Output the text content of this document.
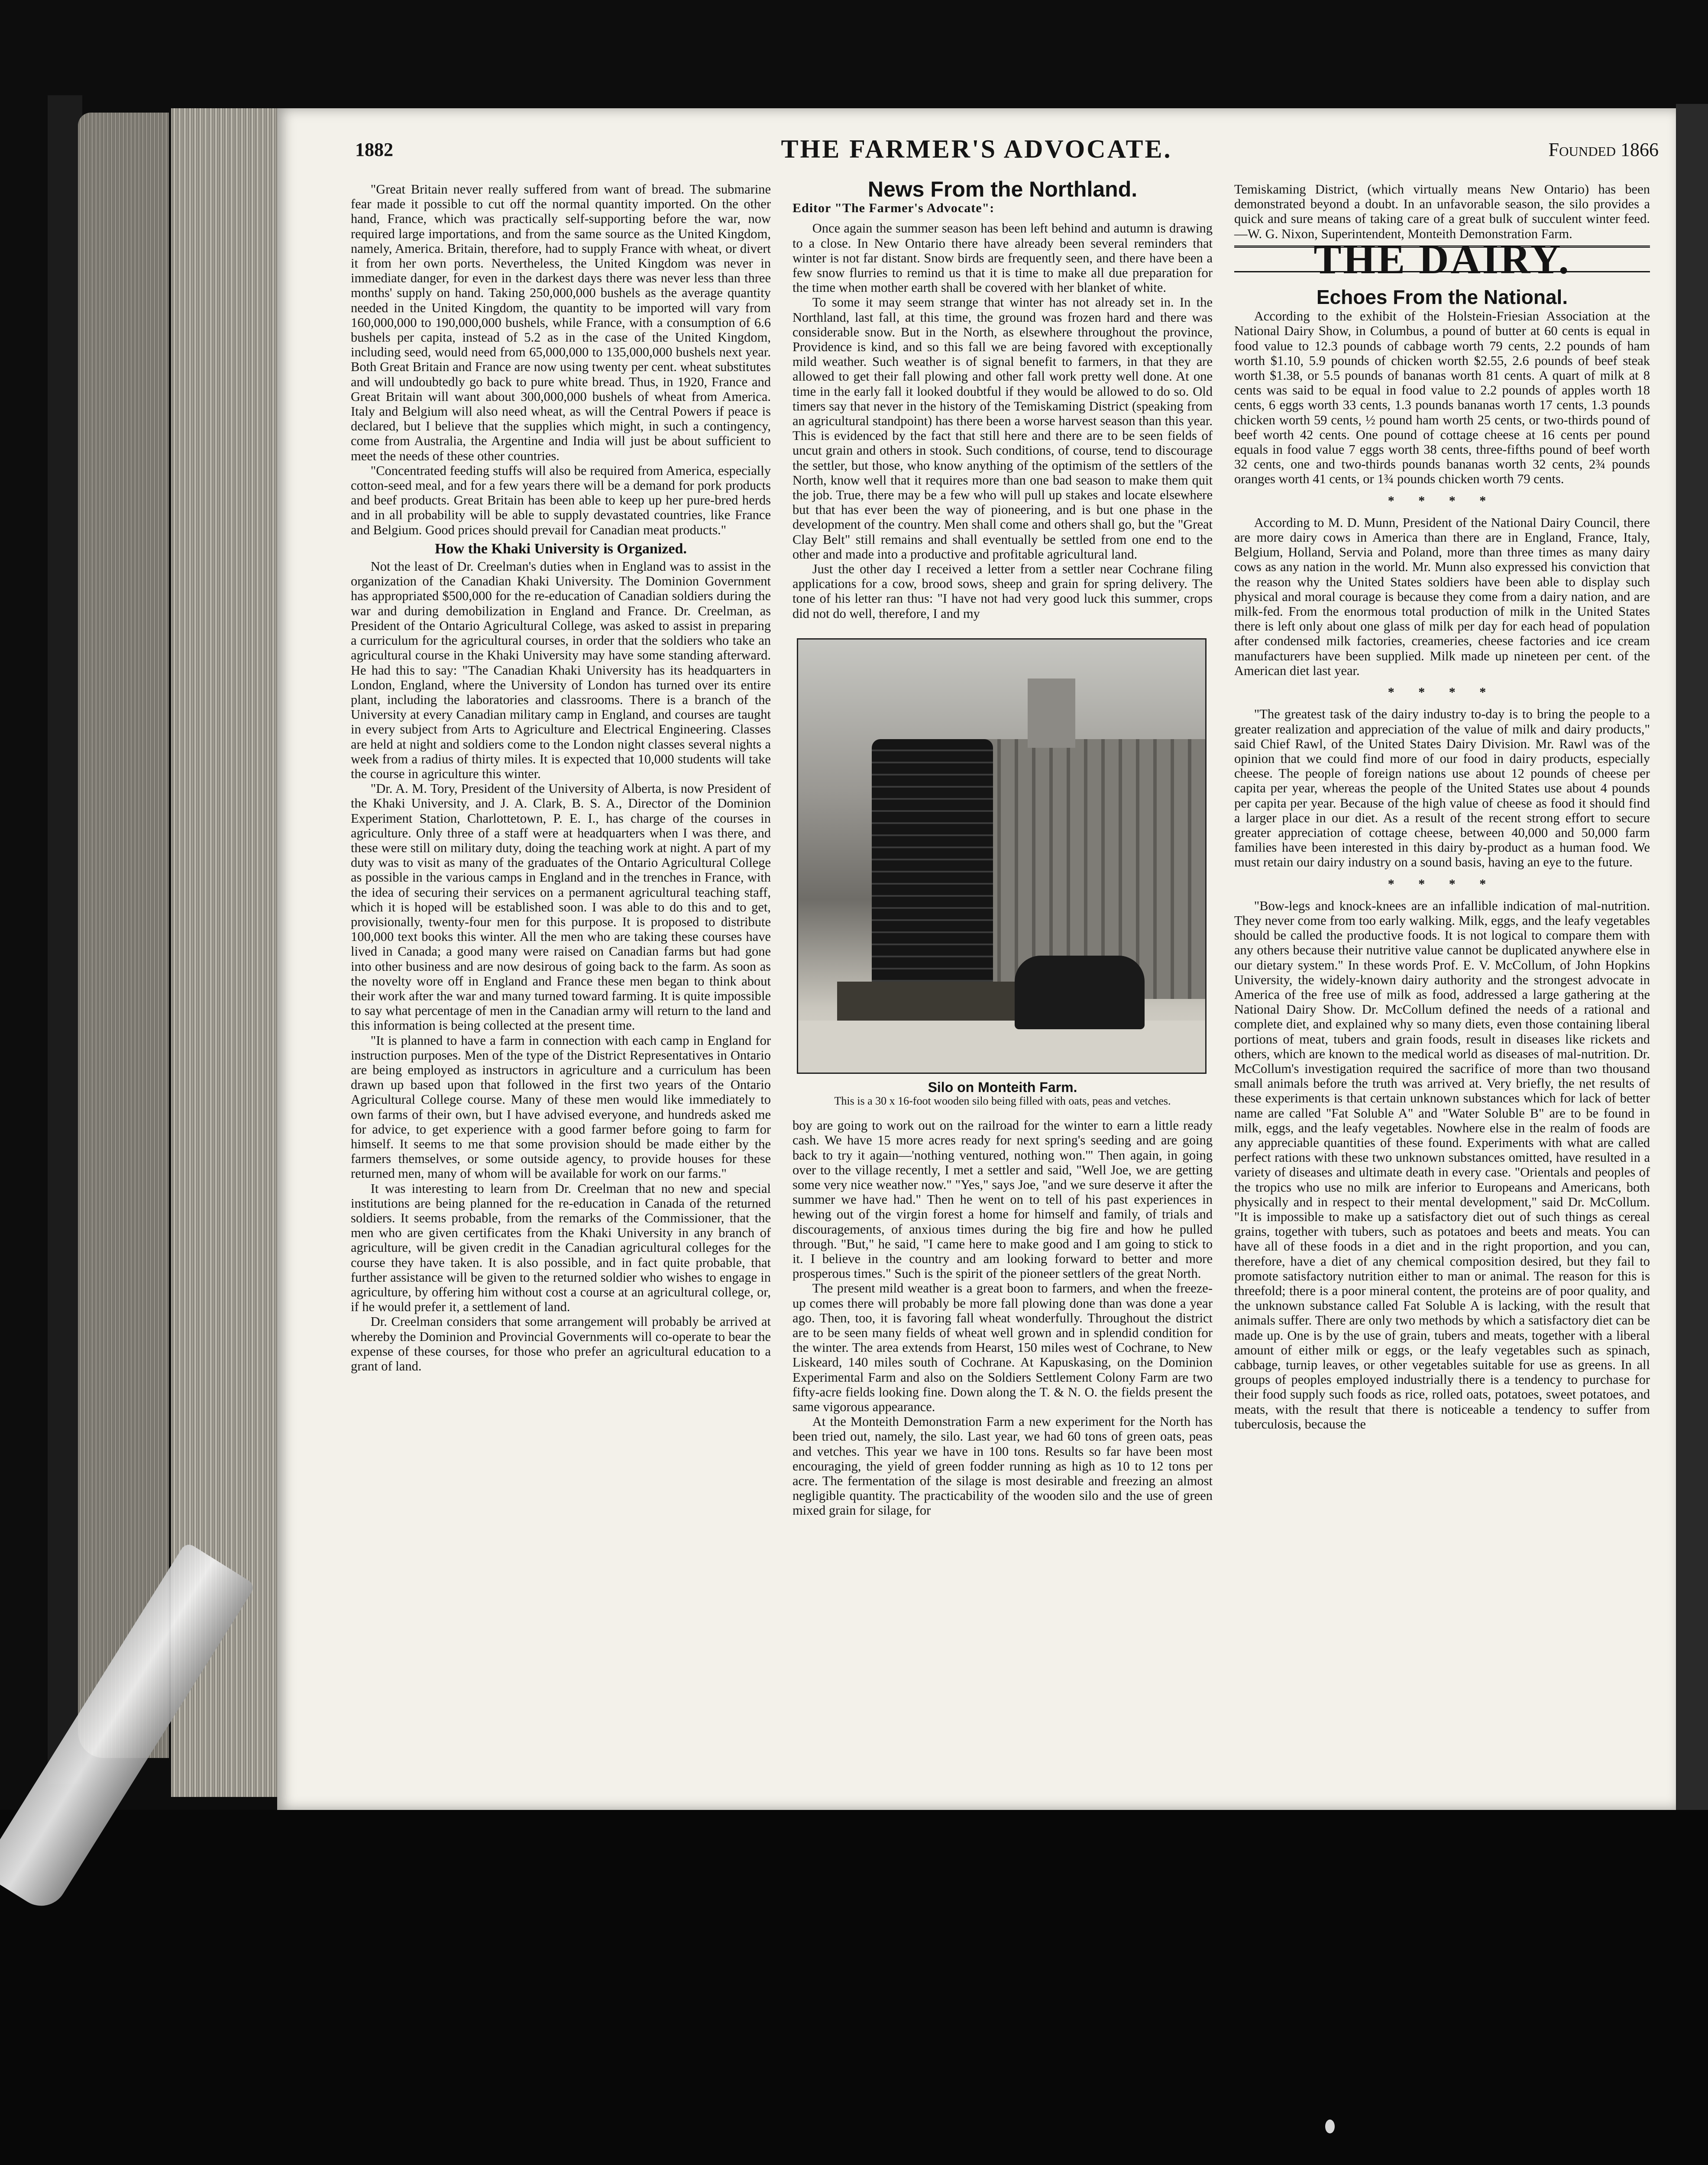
THE FARMER'S ADVOCATE.
1882	Founded 1866

"Great Britain never really suffered from want of bread. The submarine fear made it possible to cut off the normal quantity imported. On the other hand, France, which was practically self-supporting before the war, now required large importations, and from the same source as the United Kingdom, namely, America. Britain, therefore, had to supply France with wheat, or divert it from her own ports. Nevertheless, the United Kingdom was never in immediate danger, for even in the darkest days there was never less than three months' supply on hand. Taking 250,000,000 bushels as the average quantity needed in the United Kingdom, the quantity to be imported will vary from 160,000,000 to 190,000,000 bushels, while France, with a consumption of 6.6 bushels per capita, instead of 5.2 as in the case of the United Kingdom, including seed, would need from 65,000,000 to 135,000,000 bushels next year. Both Great Britain and France are now using twenty per cent. wheat substitutes and will undoubtedly go back to pure white bread. Thus, in 1920, France and Great Britain will want about 300,000,000 bushels of wheat from America. Italy and Belgium will also need wheat, as will the Central Powers if peace is declared, but I believe that the supplies which might, in such a contingency, come from Australia, the Argentine and India will just be about sufficient to meet the needs of these other countries.

"Concentrated feeding stuffs will also be required from America, especially cotton-seed meal, and for a few years there will be a demand for pork products and beef products. Great Britain has been able to keep up her pure-bred herds and in all probability will be able to supply devastated countries, like France and Belgium. Good prices should prevail for Canadian meat products."

How the Khaki University is Organized.

Not the least of Dr. Creelman's duties when in England was to assist in the organization of the Canadian Khaki University. The Dominion Government has appropriated $500,000 for the re-education of Canadian soldiers during the war and during demobilization in England and France. Dr. Creelman, as President of the Ontario Agricultural College, was asked to assist in preparing a curriculum for the agricultural courses, in order that the soldiers who take an agricultural course in the Khaki University may have some standing afterward. He had this to say: "The Canadian Khaki University has its headquarters in London, England, where the University of London has turned over its entire plant, including the laboratories and classrooms. There is a branch of the University at every Canadian military camp in England, and courses are taught in every subject from Arts to Agriculture and Electrical Engineering. Classes are held at night and soldiers come to the London night classes several nights a week from a radius of thirty miles. It is expected that 10,000 students will take the course in agriculture this winter.

"Dr. A. M. Tory, President of the University of Alberta, is now President of the Khaki University, and J. A. Clark, B. S. A., Director of the Dominion Experiment Station, Charlottetown, P. E. I., has charge of the courses in agriculture. Only three of a staff were at headquarters when I was there, and these were still on military duty, doing the teaching work at night. A part of my duty was to visit as many of the graduates of the Ontario Agricultural College as possible in the various camps in England and in the trenches in France, with the idea of securing their services on a permanent agricultural teaching staff, which it is hoped will be established soon. I was able to do this and to get, provisionally, twenty-four men for this purpose. It is proposed to distribute 100,000 text books this winter. All the men who are taking these courses have lived in Canada; a good many were raised on Canadian farms but had gone into other business and are now desirous of going back to the farm. As soon as the novelty wore off in England and France these men began to think about their work after the war and many turned toward farming. It is quite impossible to say what percentage of men in the Canadian army will return to the land and this information is being collected at the present time.

"It is planned to have a farm in connection with each camp in England for instruction purposes. Men of the type of the District Representatives in Ontario are being employed as instructors in agriculture and a curriculum has been drawn up based upon that followed in the first two years of the Ontario Agricultural College course. Many of these men would like immediately to own farms of their own, but I have advised everyone, and hundreds asked me for advice, to get experience with a good farmer before going to farm for himself. It seems to me that some provision should be made either by the farmers themselves, or some outside agency, to provide houses for these returned men, many of whom will be available for work on our farms."

It was interesting to learn from Dr. Creelman that no new and special institutions are being planned for the re-education in Canada of the returned soldiers. It seems probable, from the remarks of the Commissioner, that the men who are given certificates from the Khaki University in any branch of agriculture, will be given credit in the Canadian agricultural colleges for the course they have taken. It is also possible, and in fact quite probable, that further assistance will be given to the returned soldier who wishes to engage in agriculture, by offering him without cost a course at an agricultural college, or, if he would prefer it, a settlement of land.

Dr. Creelman considers that some arrangement will probably be arrived at whereby the Dominion and Provincial Governments will co-operate to bear the expense of these courses, for those who prefer an agricultural education to a grant of land.

News From the Northland.
Editor "The Farmer's Advocate":

Once again the summer season has been left behind and autumn is drawing to a close. In New Ontario there have already been several reminders that winter is not far distant. Snow birds are frequently seen, and there have been a few snow flurries to remind us that it is time to make all due preparation for the time when mother earth shall be covered with her blanket of white.

To some it may seem strange that winter has not already set in. In the Northland, last fall, at this time, the ground was frozen hard and there was considerable snow. But in the North, as elsewhere throughout the province, Providence is kind, and so this fall we are being favored with exceptionally mild weather. Such weather is of signal benefit to farmers, in that they are allowed to get their fall plowing and other fall work pretty well done. At one time in the early fall it looked doubtful if they would be allowed to do so. Old timers say that never in the history of the Temiskaming District (speaking from an agricultural standpoint) has there been a worse harvest season than this year. This is evidenced by the fact that still here and there are to be seen fields of uncut grain and others in stook. Such conditions, of course, tend to discourage the settler, but those, who know anything of the optimism of the settlers of the North, know well that it requires more than one bad season to make them quit the job. True, there may be a few who will pull up stakes and locate elsewhere but that has ever been the way of pioneering, and is but one phase in the development of the country. Men shall come and others shall go, but the "Great Clay Belt" still remains and shall eventually be settled from one end to the other and made into a productive and profitable agricultural land.

Just the other day I received a letter from a settler near Cochrane filing applications for a cow, brood sows, sheep and grain for spring delivery. The tone of his letter ran thus: "I have not had very good luck this summer, crops did not do well, therefore, I and my

Silo on Monteith Farm.
This is a 30 x 16-foot wooden silo being filled with oats, peas and vetches.

boy are going to work out on the railroad for the winter to earn a little ready cash. We have 15 more acres ready for next spring's seeding and are going back to try it again—'nothing ventured, nothing won.'" Then again, in going over to the village recently, I met a settler and said, "Well Joe, we are getting some very nice weather now." "Yes," says Joe, "and we sure deserve it after the summer we have had." Then he went on to tell of his past experiences in hewing out of the virgin forest a home for himself and family, of trials and discouragements, of anxious times during the big fire and how he pulled through. "But," he said, "I came here to make good and I am going to stick to it. I believe in the country and am looking forward to better and more prosperous times." Such is the spirit of the pioneer settlers of the great North.

The present mild weather is a great boon to farmers, and when the freeze-up comes there will probably be more fall plowing done than was done a year ago. Then, too, it is favoring fall wheat wonderfully. Throughout the district are to be seen many fields of wheat well grown and in splendid condition for the winter. The area extends from Hearst, 150 miles west of Cochrane, to New Liskeard, 140 miles south of Cochrane. At Kapuskasing, on the Dominion Experimental Farm and also on the Soldiers Settlement Colony Farm are two fifty-acre fields looking fine. Down along the T. & N. O. the fields present the same vigorous appearance.

At the Monteith Demonstration Farm a new experiment for the North has been tried out, namely, the silo. Last year, we had 60 tons of green oats, peas and vetches. This year we have in 100 tons. Results so far have been most encouraging, the yield of green fodder running as high as 10 to 12 tons per acre. The fermentation of the silage is most desirable and freezing an almost negligible quantity. The practicability of the wooden silo and the use of green mixed grain for silage, for

Temiskaming District, (which virtually means New Ontario) has been demonstrated beyond a doubt. In an unfavorable season, the silo provides a quick and sure means of taking care of a great bulk of succulent winter feed.—W. G. Nixon, Superintendent, Monteith Demonstration Farm.

THE DAIRY.
Echoes From the National.

According to the exhibit of the Holstein-Friesian Association at the National Dairy Show, in Columbus, a pound of butter at 60 cents is equal in food value to 12.3 pounds of cabbage worth 79 cents, 2.2 pounds of ham worth $1.10, 5.9 pounds of chicken worth $2.55, 2.6 pounds of beef steak worth $1.38, or 5.5 pounds of bananas worth 81 cents. A quart of milk at 8 cents was said to be equal in food value to 2.2 pounds of apples worth 18 cents, 6 eggs worth 33 cents, 1.3 pounds bananas worth 17 cents, 1.3 pounds chicken worth 59 cents, ½ pound ham worth 25 cents, or two-thirds pound of beef worth 42 cents. One pound of cottage cheese at 16 cents per pound equals in food value 7 eggs worth 38 cents, three-fifths pound of beef worth 32 cents, one and two-thirds pounds bananas worth 32 cents, 2¾ pounds oranges worth 41 cents, or 1¾ pounds chicken worth 79 cents.

* * * *

According to M. D. Munn, President of the National Dairy Council, there are more dairy cows in America than there are in England, France, Italy, Belgium, Holland, Servia and Poland, more than three times as many dairy cows as any nation in the world. Mr. Munn also expressed his conviction that the reason why the United States soldiers have been able to display such physical and moral courage is because they come from a dairy nation, and are milk-fed. From the enormous total production of milk in the United States there is left only about one glass of milk per day for each head of population after condensed milk factories, creameries, cheese factories and ice cream manufacturers have been supplied. Milk made up nineteen per cent. of the American diet last year.

* * * *

"The greatest task of the dairy industry to-day is to bring the people to a greater realization and appreciation of the value of milk and dairy products," said Chief Rawl, of the United States Dairy Division. Mr. Rawl was of the opinion that we could find more of our food in dairy products, especially cheese. The people of foreign nations use about 12 pounds of cheese per capita per year, whereas the people of the United States use about 4 pounds per capita per year. Because of the high value of cheese as food it should find a larger place in our diet. As a result of the recent strong effort to secure greater appreciation of cottage cheese, between 40,000 and 50,000 farm families have been interested in this dairy by-product as a human food. We must retain our dairy industry on a sound basis, having an eye to the future.

* * * *

"Bow-legs and knock-knees are an infallible indication of mal-nutrition. They never come from too early walking. Milk, eggs, and the leafy vegetables should be called the productive foods. It is not logical to compare them with any others because their nutritive value cannot be duplicated anywhere else in our dietary system." In these words Prof. E. V. McCollum, of John Hopkins University, the widely-known dairy authority and the strongest advocate in America of the free use of milk as food, addressed a large gathering at the National Dairy Show. Dr. McCollum defined the needs of a rational and complete diet, and explained why so many diets, even those containing liberal portions of meat, tubers and grain foods, result in diseases like rickets and others, which are known to the medical world as diseases of mal-nutrition. Dr. McCollum's investigation required the sacrifice of more than two thousand small animals before the truth was arrived at. Very briefly, the net results of these experiments is that certain unknown substances which for lack of better name are called "Fat Soluble A" and "Water Soluble B" are to be found in milk, eggs, and the leafy vegetables. Nowhere else in the realm of foods are any appreciable quantities of these found. Experiments with what are called perfect rations with these two unknown substances omitted, have resulted in a variety of diseases and ultimate death in every case. "Orientals and peoples of the tropics who use no milk are inferior to Europeans and Americans, both physically and in respect to their mental development," said Dr. McCollum. "It is impossible to make up a satisfactory diet out of such things as cereal grains, together with tubers, such as potatoes and beets and meats. You can have all of these foods in a diet and in the right proportion, and you can, therefore, have a diet of any chemical composition desired, but they fail to promote satisfactory nutrition either to man or animal. The reason for this is threefold; there is a poor mineral content, the proteins are of poor quality, and the unknown substance called Fat Soluble A is lacking, with the result that animals suffer. There are only two methods by which a satisfactory diet can be made up. One is by the use of grain, tubers and meats, together with a liberal amount of either milk or eggs, or the leafy vegetables such as spinach, cabbage, turnip leaves, or other vegetables suitable for use as greens. In all groups of peoples employed industrially there is a tendency to purchase for their food supply such foods as rice, rolled oats, potatoes, sweet potatoes, and meats, with the result that there is noticeable a tendency to suffer from tuberculosis, because the
